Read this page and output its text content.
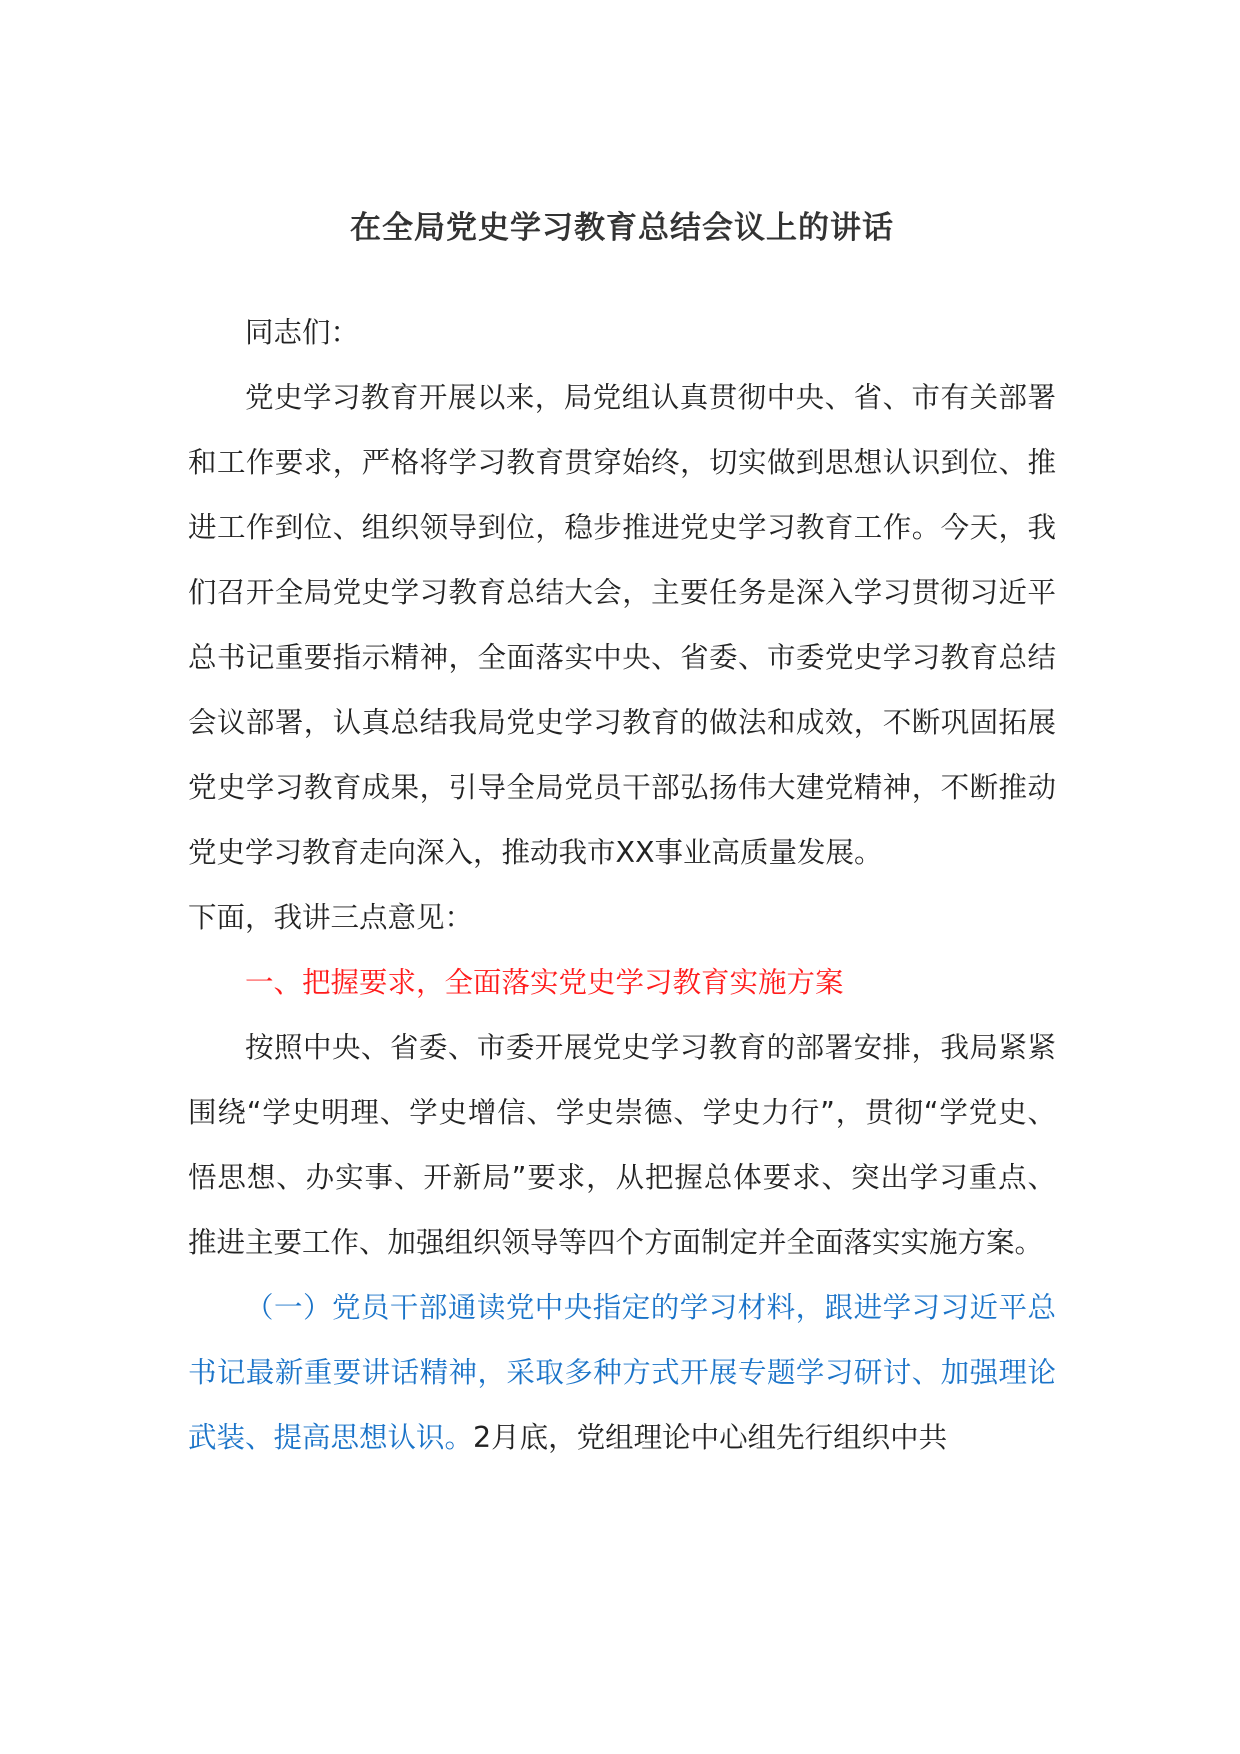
在全局党史学习教育总结会议上的讲话

同志们：

党史学习教育开展以来，局党组认真贯彻中央、省、市有关部署和工作要求，严格将学习教育贯穿始终，切实做到思想认识到位、推进工作到位、组织领导到位，稳步推进党史学习教育工作。今天，我们召开全局党史学习教育总结大会，主要任务是深入学习贯彻习近平总书记重要指示精神，全面落实中央、省委、市委党史学习教育总结会议部署，认真总结我局党史学习教育的做法和成效，不断巩固拓展党史学习教育成果，引导全局党员干部弘扬伟大建党精神，不断推动党史学习教育走向深入，推动我市XX事业高质量发展。
下面，我讲三点意见：

一、把握要求，全面落实党史学习教育实施方案

按照中央、省委、市委开展党史学习教育的部署安排，我局紧紧围绕“学史明理、学史增信、学史崇德、学史力行”，贯彻“学党史、悟思想、办实事、开新局”要求，从把握总体要求、突出学习重点、推进主要工作、加强组织领导等四个方面制定并全面落实实施方案。

（一）党员干部通读党中央指定的学习材料，跟进学习习近平总书记最新重要讲话精神，采取多种方式开展专题学习研讨、加强理论武装、提高思想认识。2月底，党组理论中心组先行组织中共
